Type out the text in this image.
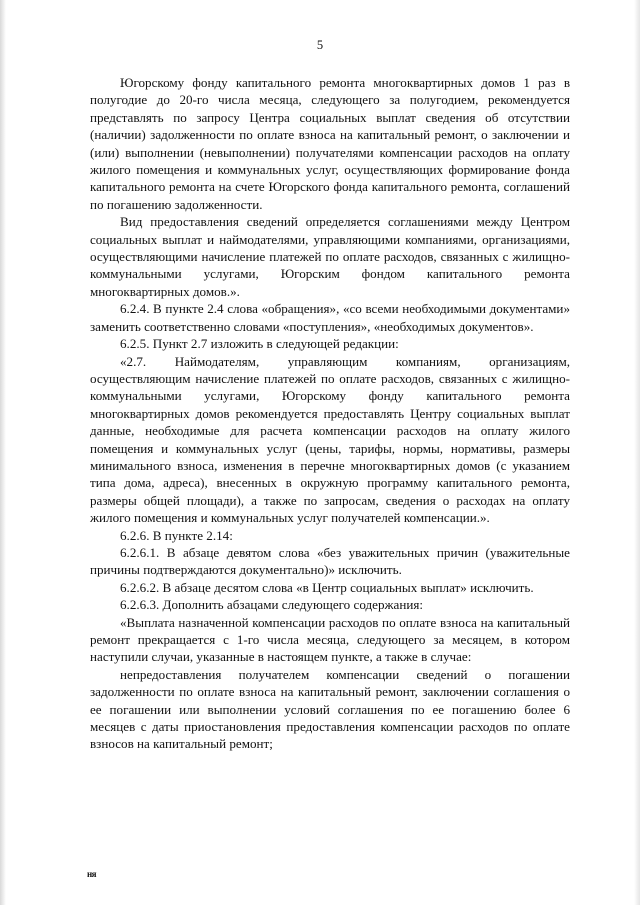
5

Югорскому фонду капитального ремонта многоквартирных домов 1 раз в полугодие до 20-го числа месяца, следующего за полугодием, рекомендуется представлять по запросу Центра социальных выплат сведения об отсутствии (наличии) задолженности по оплате взноса на капитальный ремонт, о заключении и (или) выполнении (невыполнении) получателями компенсации расходов на оплату жилого помещения и коммунальных услуг, осуществляющих формирование фонда капитального ремонта на счете Югорского фонда капитального ремонта, соглашений по погашению задолженности.

Вид предоставления сведений определяется соглашениями между Центром социальных выплат и наймодателями, управляющими компаниями, организациями, осуществляющими начисление платежей по оплате расходов, связанных с жилищно-коммунальными услугами, Югорским фондом капитального ремонта многоквартирных домов.».

6.2.4. В пункте 2.4 слова «обращения», «со всеми необходимыми документами» заменить соответственно словами «поступления», «необходимых документов».

6.2.5. Пункт 2.7 изложить в следующей редакции:

«2.7. Наймодателям, управляющим компаниям, организациям, осуществляющим начисление платежей по оплате расходов, связанных с жилищно-коммунальными услугами, Югорскому фонду капитального ремонта многоквартирных домов рекомендуется предоставлять Центру социальных выплат данные, необходимые для расчета компенсации расходов на оплату жилого помещения и коммунальных услуг (цены, тарифы, нормы, нормативы, размеры минимального взноса, изменения в перечне многоквартирных домов (с указанием типа дома, адреса), внесенных в окружную программу капитального ремонта, размеры общей площади), а также по запросам, сведения о расходах на оплату жилого помещения и коммунальных услуг получателей компенсации.».

6.2.6. В пункте 2.14:

6.2.6.1. В абзаце девятом слова «без уважительных причин (уважительные причины подтверждаются документально)» исключить.

6.2.6.2. В абзаце десятом слова «в Центр социальных выплат» исключить.

6.2.6.3. Дополнить абзацами следующего содержания:

«Выплата назначенной компенсации расходов по оплате взноса на капитальный ремонт прекращается с 1-го числа месяца, следующего за месяцем, в котором наступили случаи, указанные в настоящем пункте, а также в случае:

непредоставления получателем компенсации сведений о погашении задолженности по оплате взноса на капитальный ремонт, заключении соглашения о ее погашении или выполнении условий соглашения по ее погашению более 6 месяцев с даты приостановления предоставления компенсации расходов по оплате взносов на капитальный ремонт;

ня
